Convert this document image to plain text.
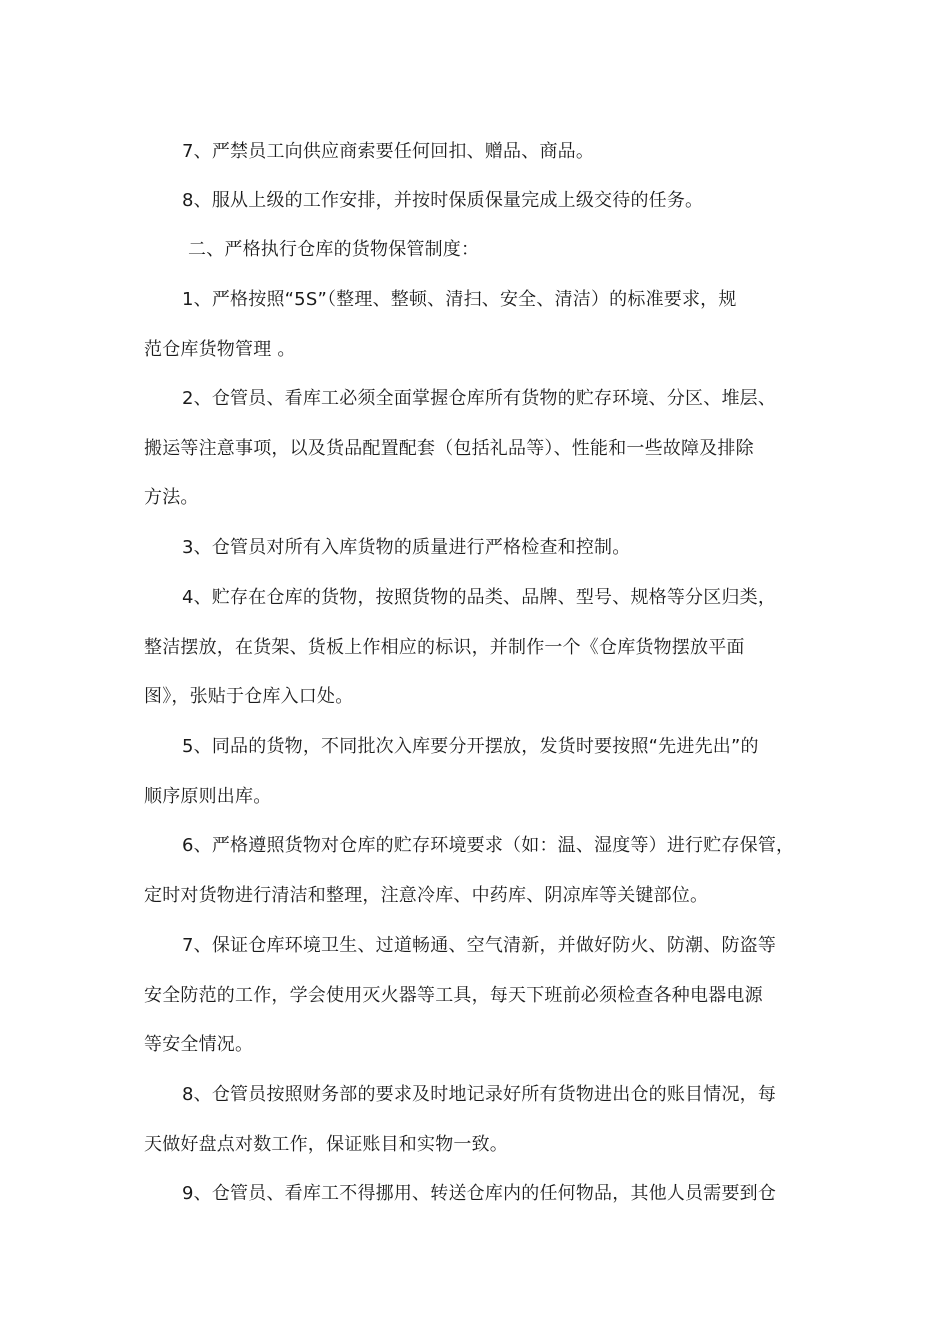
7、严禁员工向供应商索要任何回扣、赠品、商品。
8、服从上级的工作安排，并按时保质保量完成上级交待的任务。
二、严格执行仓库的货物保管制度：
1、严格按照“5S”（整理、整顿、清扫、安全、清洁）的标准要求，规
范仓库货物管理 。
2、仓管员、看库工必须全面掌握仓库所有货物的贮存环境、分区、堆层、
搬运等注意事项，以及货品配置配套（包括礼品等）、性能和一些故障及排除
方法。
3、仓管员对所有入库货物的质量进行严格检查和控制。
4、贮存在仓库的货物，按照货物的品类、品牌、型号、规格等分区归类，
整洁摆放，在货架、货板上作相应的标识，并制作一个《仓库货物摆放平面
图》，张贴于仓库入口处。
5、同品的货物，不同批次入库要分开摆放，发货时要按照“先进先出”的
顺序原则出库。
6、严格遵照货物对仓库的贮存环境要求（如：温、湿度等）进行贮存保管，
定时对货物进行清洁和整理，注意冷库、中药库、阴凉库等关键部位。
7、保证仓库环境卫生、过道畅通、空气清新，并做好防火、防潮、防盗等
安全防范的工作，学会使用灭火器等工具，每天下班前必须检查各种电器电源
等安全情况。
8、仓管员按照财务部的要求及时地记录好所有货物进出仓的账目情况，每
天做好盘点对数工作，保证账目和实物一致。
9、仓管员、看库工不得挪用、转送仓库内的任何物品，其他人员需要到仓
